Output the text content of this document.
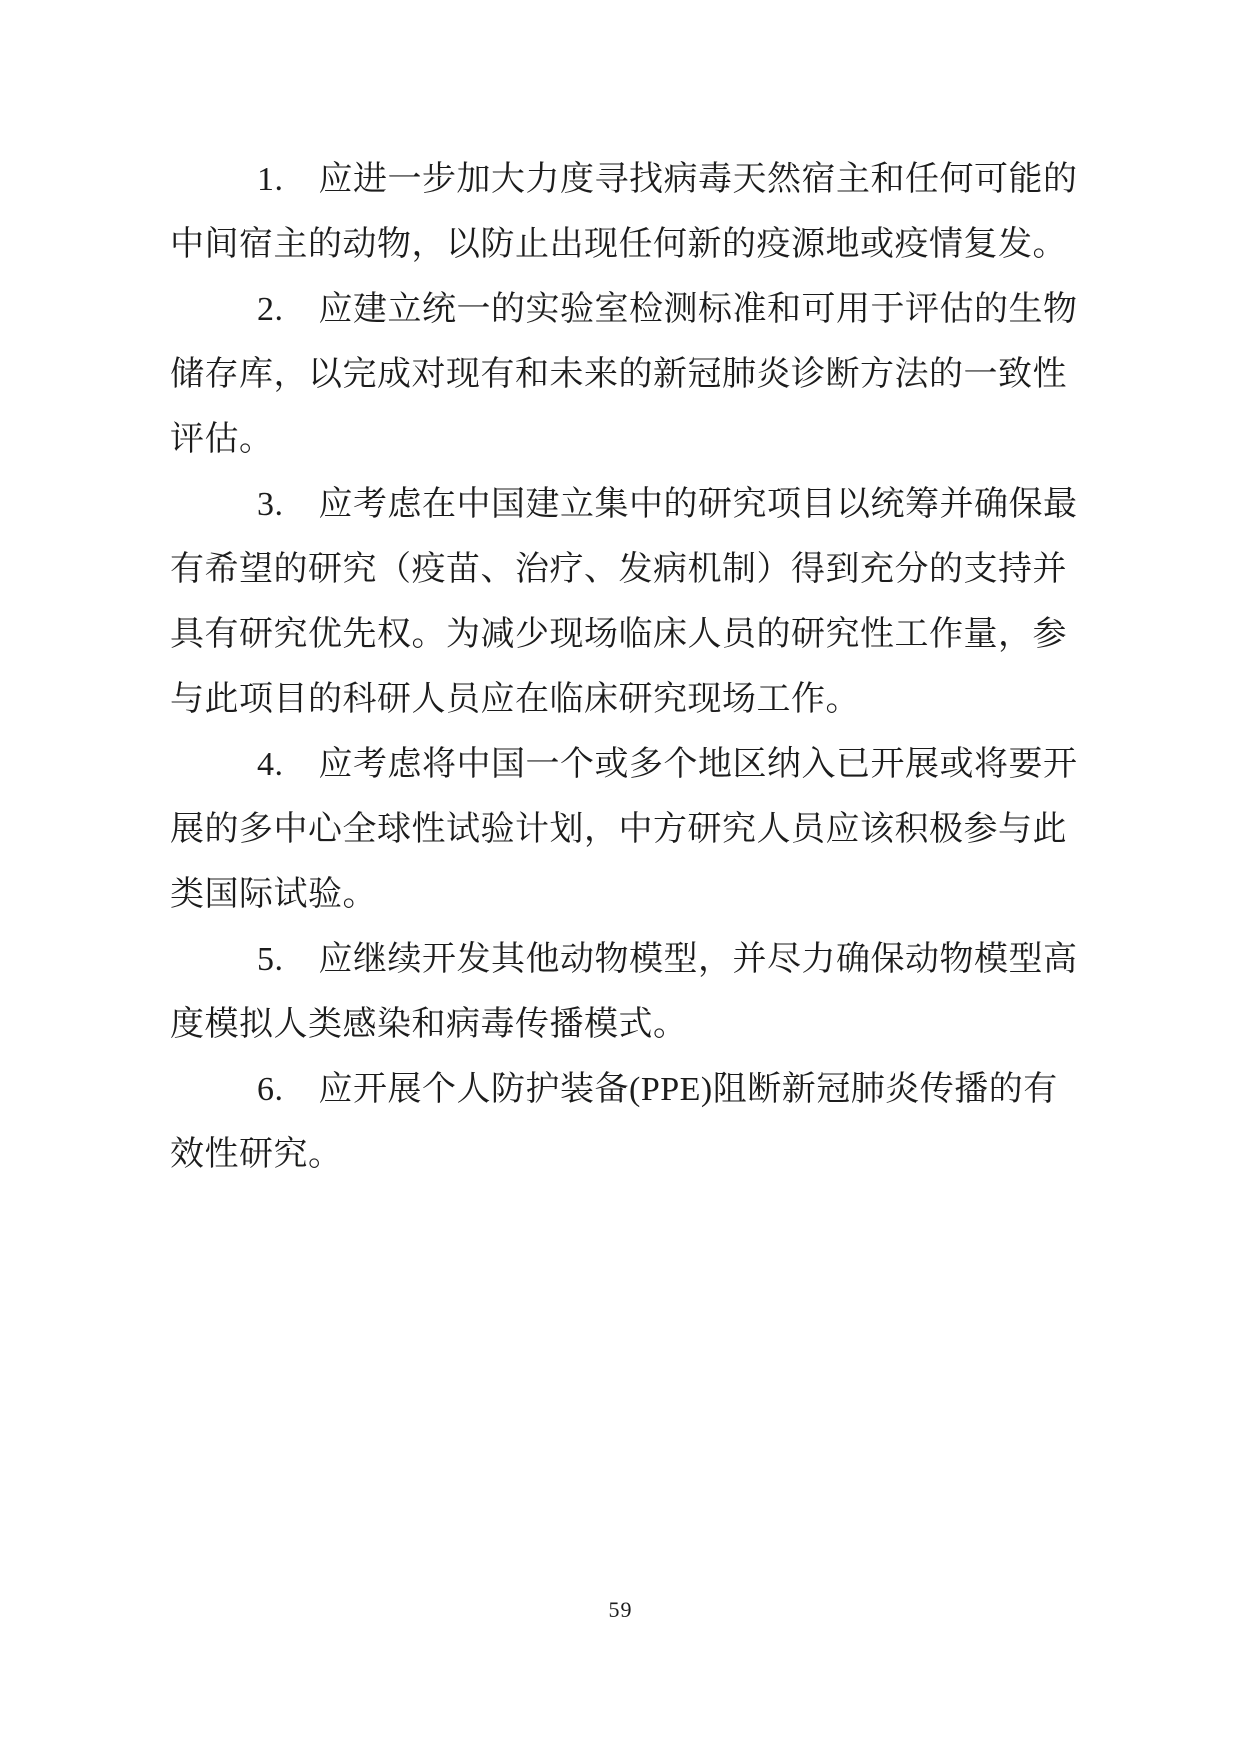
1. 应进一步加大力度寻找病毒天然宿主和任何可能的
中间宿主的动物，以防止出现任何新的疫源地或疫情复发。
2. 应建立统一的实验室检测标准和可用于评估的生物
储存库，以完成对现有和未来的新冠肺炎诊断方法的一致性
评估。
3. 应考虑在中国建立集中的研究项目以统筹并确保最
有希望的研究（疫苗、治疗、发病机制）得到充分的支持并
具有研究优先权。为减少现场临床人员的研究性工作量，参
与此项目的科研人员应在临床研究现场工作。
4. 应考虑将中国一个或多个地区纳入已开展或将要开
展的多中心全球性试验计划，中方研究人员应该积极参与此
类国际试验。
5. 应继续开发其他动物模型，并尽力确保动物模型高
度模拟人类感染和病毒传播模式。
6. 应开展个人防护装备(PPE)阻断新冠肺炎传播的有
效性研究。
59
